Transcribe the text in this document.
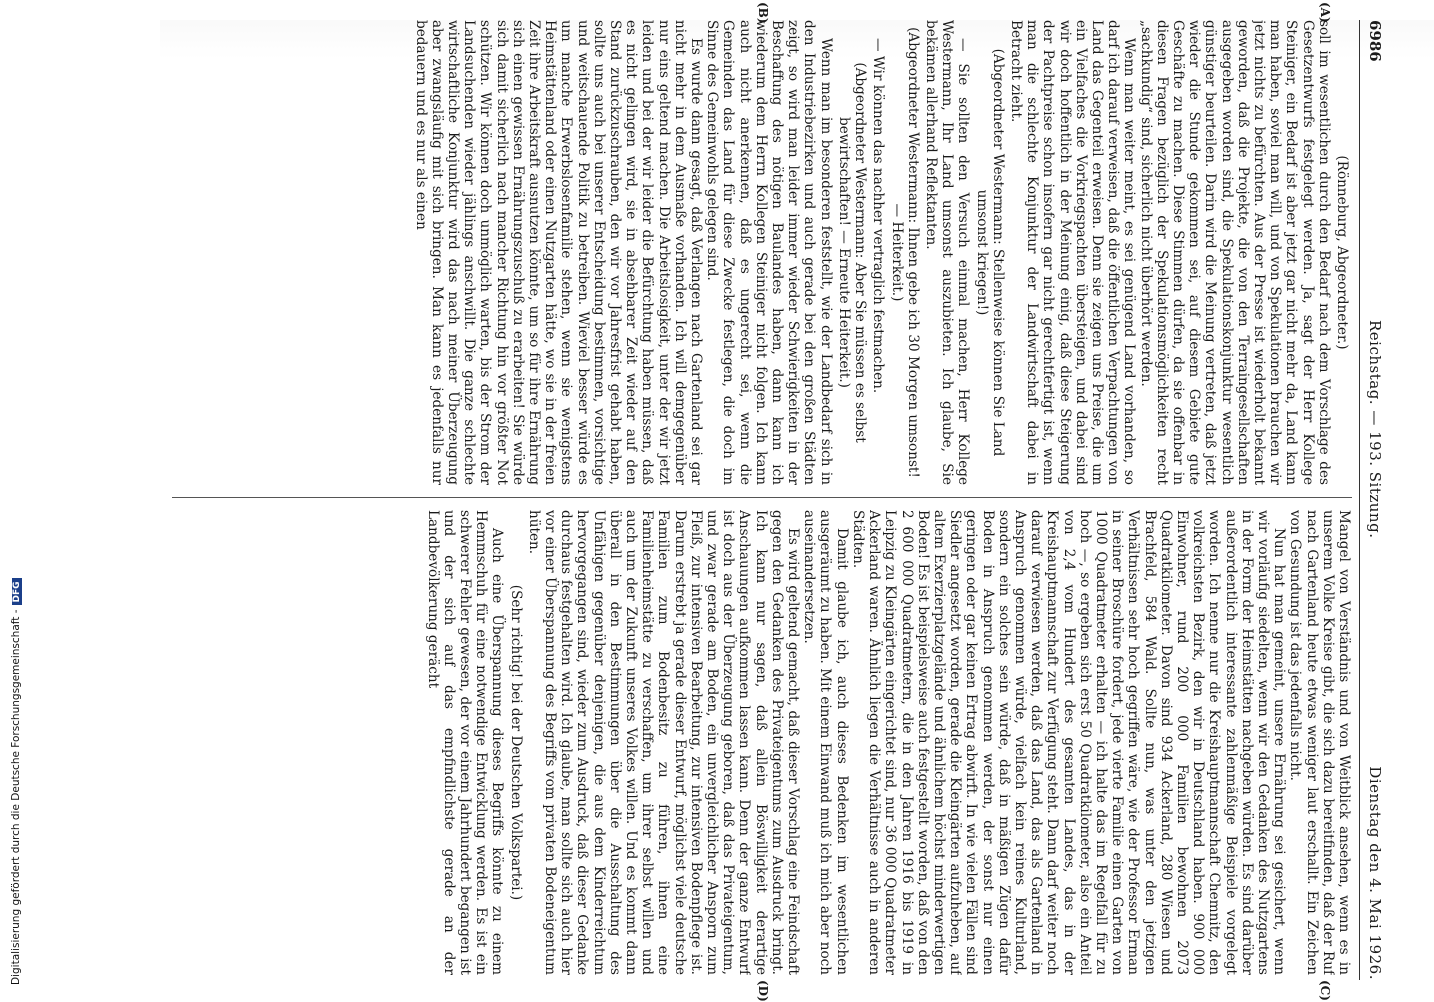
Digitalisierung gefördert durch die Deutsche Forschungsgemeinschaft -DFG
6986
Reichstag. — 193. Sitzung.
Dienstag den 4. Mai 1926.
(A)
(B)
(C)
(D)

(Rönneburg, Abgeordneter.)

soll im wesentlichen durch den Bedarf nach dem Vorschlage des Gesetzentwurfs festgelegt werden. Ja, sagt der Herr Kollege Steiniger, ein Bedarf ist aber jetzt gar nicht mehr da, Land kann man haben, soviel man will, und von Spekulationen brauchen wir jetzt nichts zu befürchten. Aus der Presse ist wiederholt bekannt geworden, daß die Projekte, die von den Terraingesellschaften ausgegeben worden sind, die Spekulationskonjunktur wesentlich günstiger beurteilen. Darin wird die Meinung vertreten, daß jetzt wieder die Stunde gekommen sei, auf diesem Gebiete gute Geschäfte zu machen. Diese Stimmen dürfen, da sie offenbar in diesen Fragen bezüglich der Spekulationsmöglichkeiten recht „sachkundig“ sind, sicherlich nicht überhört werden.

Wenn man weiter meint, es sei genügend Land vorhanden, so darf ich darauf verweisen, daß die öffentlichen Verpachtungen von Land das Gegenteil erweisen. Denn sie zeigen uns Preise, die um ein Vielfaches die Vorkriegspachten übersteigen, und dabei sind wir doch hoffentlich in der Meinung einig, daß diese Steigerung der Pachtpreise schon insofern gar nicht gerechtfertigt ist, wenn man die schlechte Konjunktur der Landwirtschaft dabei in Betracht zieht.

(Abgeordneter Westermann: Stellenweise können Sie Land umsonst kriegen!)

— Sie sollten den Versuch einmal machen, Herr Kollege Westermann, Ihr Land umsonst auszubieten. Ich glaube, Sie bekämen allerhand Reflektanten.

(Abgeordneter Westermann: Ihnen gebe ich 30 Morgen umsonst! — Heiterkeit.)

— Wir können das nachher vertraglich festmachen.

(Abgeordneter Westermann: Aber Sie müssen es selbst bewirtschaften! — Erneute Heiterkeit.)

Wenn man im besonderen feststellt, wie der Landbedarf sich in den Industriebezirken und auch gerade bei den großen Städten zeigt, so wird man leider immer wieder Schwierigkeiten in der Beschaffung des nötigen Baulandes haben, dann kann ich wiederum dem Herrn Kollegen Steiniger nicht folgen. Ich kann auch nicht anerkennen, daß es ungerecht sei, wenn die Gemeinden das Land für diese Zwecke festlegen, die doch im Sinne des Gemeinwohls gelegen sind.

Es wurde dann gesagt, daß Verlangen nach Gartenland sei gar nicht mehr in dem Ausmaße vorhanden. Ich will demgegenüber nur eins geltend machen. Die Arbeitslosigkeit, unter der wir jetzt leiden und bei der wir leider die Befürchtung haben müssen, daß es nicht gelingen wird, sie in absehbarer Zeit wieder auf den Stand zurückzuschrauben, den wir vor Jahresfrist gehabt haben, sollte uns auch bei unserer Entscheidung bestimmen, vorsichtige und weitschauende Politik zu betreiben. Wieviel besser würde es um manche Erwerbslosenfamilie stehen, wenn sie wenigstens Heimstättenland oder einen Nutzgarten hätte, wo sie in der freien Zeit ihre Arbeitskraft ausnutzen könnte, um so für ihre Ernährung sich einen gewissen Ernährungszuschuß zu erarbeiten! Sie würde sich damit sicherlich nach mancher Richtung hin vor größter Not schützen. Wir können doch unmöglich warten, bis der Strom der Landsuchenden wieder jählings anschwillt. Die ganze schlechte wirtschaftliche Konjunktur wird das nach meiner Überzeugung aber zwangsläufig mit sich bringen. Man kann es jedenfalls nur bedauern und es nur als einen

Mangel von Verständnis und von Weitblick ansehen, wenn es in unserem Volke Kreise gibt, die sich dazu bereitfinden, daß der Ruf nach Gartenland heute etwas weniger laut erschallt. Ein Zeichen von Gesundung ist das jedenfalls nicht.

Nun hat man gemeint, unsere Ernährung sei gesichert, wenn wir vorläufig siedelten, wenn wir den Gedanken des Nutzgartens in der Form der Heimstätten nachgeben würden. Es sind darüber außerordentlich interessante zahlenmäßige Beispiele vorgelegt worden. Ich nenne nur die Kreishauptmannschaft Chemnitz, den volkreichsten Bezirk, den wir in Deutschland haben. 900 000 Einwohner, rund 200 000 Familien bewohnen 2073 Quadratkilometer. Davon sind 934 Ackerland, 280 Wiesen und Brachfeld, 584 Wald. Sollte nun, was unter den jetzigen Verhältnissen sehr hoch gegriffen wäre, wie der Professor Erman in seiner Broschüre fordert, jede vierte Familie einen Garten von 1000 Quadratmeter erhalten — ich halte das im Regelfall für zu hoch —, so ergeben sich erst 50 Quadratkilometer, also ein Anteil von 2,4 vom Hundert des gesamten Landes, das in der Kreishauptmannschaft zur Verfügung steht. Dann darf weiter noch darauf verwiesen werden, daß das Land, das als Gartenland in Anspruch genommen würde, vielfach kein reines Kulturland, sondern ein solches sein würde, daß in mäßigen Zügen dafür Boden in Anspruch genommen werden, der sonst nur einen geringen oder gar keinen Ertrag abwirft. In wie vielen Fällen sind Siedler angesetzt worden, gerade die Kleingärten aufzuheben, auf altem Exerzierplatzgelände und ähnlichem höchst minderwertigen Boden! Es ist beispielsweise auch festgestellt worden, daß von den 2 600 000 Quadratmetern, die in den Jahren 1916 bis 1919 in Leipzig zu Kleingärten eingerichtet sind, nur 36 000 Quadratmeter Ackerland waren. Ähnlich liegen die Verhältnisse auch in anderen Städten.

Damit glaube ich, auch dieses Bedenken im wesentlichen ausgeräumt zu haben. Mit einem Einwand muß ich mich aber noch auseinandersetzen.

Es wird geltend gemacht, daß dieser Vorschlag eine Feindschaft gegen den Gedanken des Privateigentums zum Ausdruck bringt. Ich kann nur sagen, daß allein Böswilligkeit derartige Anschauungen aufkommen lassen kann. Denn der ganze Entwurf ist doch aus der Überzeugung geboren, daß das Privateigentum, und zwar gerade am Boden, ein unvergleichlicher Ansporn zum Fleiß, zur intensiven Bearbeitung, zur intensiven Bodenpflege ist. Darum erstrebt ja gerade dieser Entwurf, möglichst viele deutsche Familien zum Bodenbesitz zu führen, ihnen eine Familienheimstätte zu verschaffen, um ihrer selbst willen und auch um der Zukunft unseres Volkes willen. Und es kommt dann überall in den Bestimmungen über die Ausschaltung des Unfähigen gegenüber denjenigen, die aus dem Kinderreichtum hervorgegangen sind, wieder zum Ausdruck, daß dieser Gedanke durchaus festgehalten wird. Ich glaube, man sollte sich auch hier vor einer Überspannung des Begriffs vom privaten Bodeneigentum hüten.

(Sehr richtig! bei der Deutschen Volkspartei.)

Auch eine Überspannung dieses Begriffs könnte zu einem Hemmschuh für eine notwendige Entwicklung werden. Es ist ein schwerer Fehler gewesen, der vor einem Jahrhundert begangen ist und der sich auf das empfindlichste gerade an der Landbevölkerung gerächt
